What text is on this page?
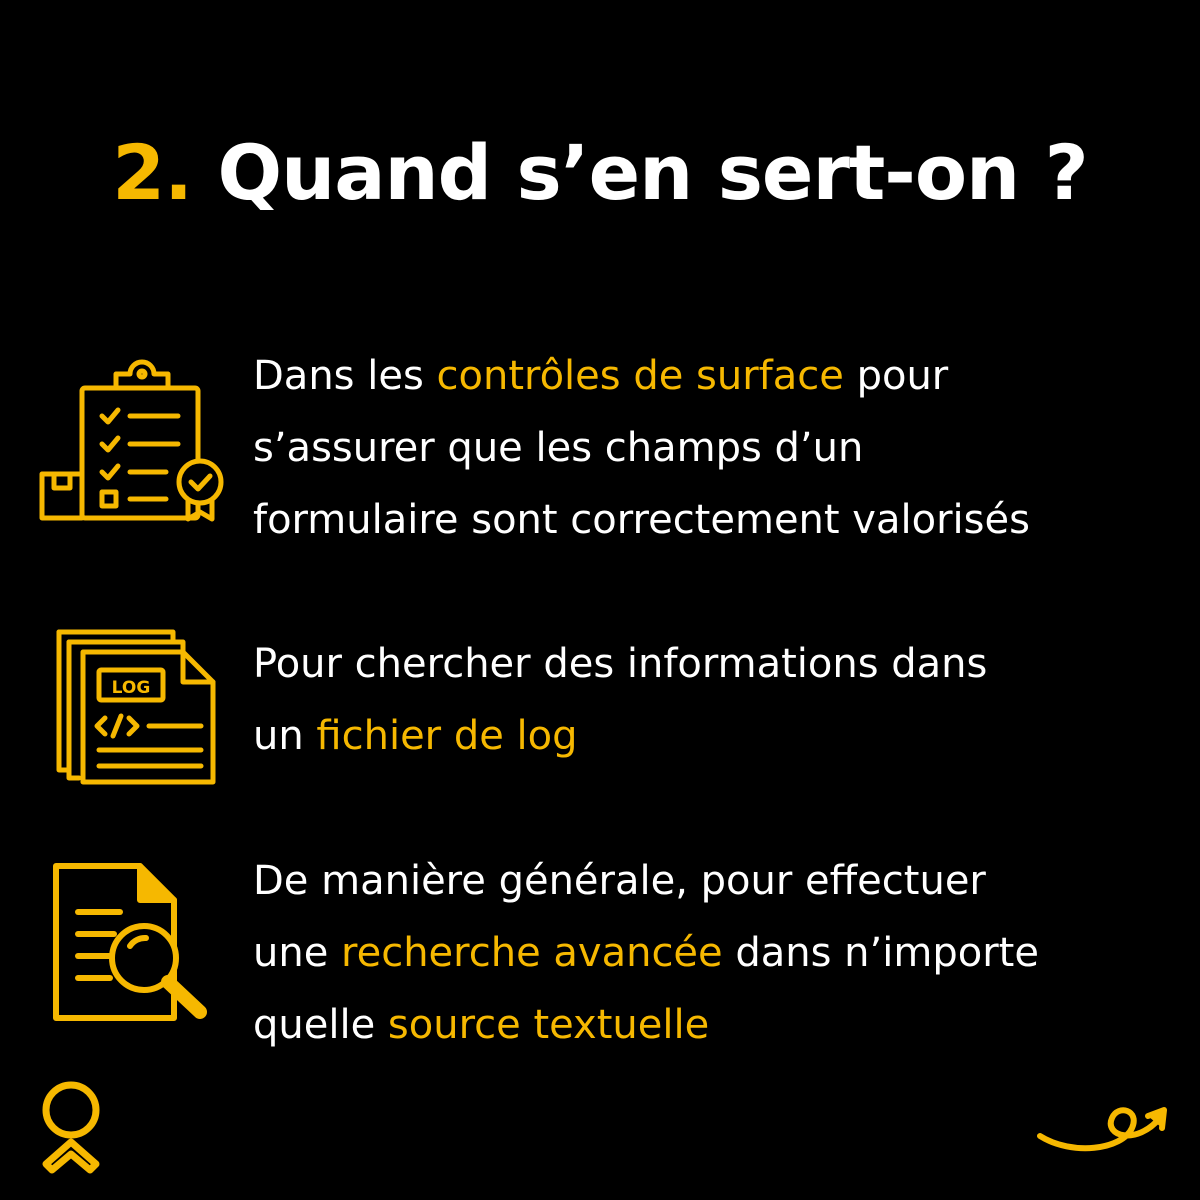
2. Quand s’en sert-on ?
Dans les contrôles de surface pour
s’assurer que les champs d’un
formulaire sont correctement valorisés
LOG
Pour chercher des informations dans
un fichier de log
De manière générale, pour effectuer
une recherche avancée dans n’importe
quelle source textuelle
